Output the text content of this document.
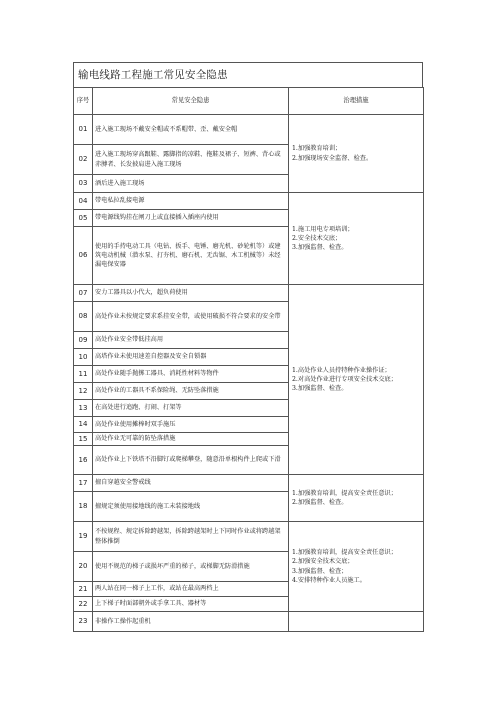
输电线路工程施工常见安全隐患
序号	常见安全隐患	治理措施
01	进入施工现场不戴安全帽或不系帽带、歪、戴安全帽	1.加强教育培训；
2.加强现场安全监督、检查。

02	进入施工现场穿高跟鞋、露脚指的凉鞋、拖鞋及裙子、短裤、背心或赤膊者、长发披肩进入施工现场	
03	酒后进入施工现场	
04	带电私拉乱接电源	1.施工用电专项培训；
2.安全技术交底；
3.加强监督、检查。

05	带电源线钩挂在闸刀上或直接插入插座内使用	
06	使用的手持电动工具（电钻、扳手、电锤、磨光机、砂轮机等）或建筑电动机械（潜水泵、打夯机、磨石机、无齿锯、木工机械等）未经漏电保安器	
07	安力工器具以小代大，超负荷使用	1.高处作业人员持特种作业操作证；
2.对高处作业进行专项安全技术交底；
3.加强监督、检查。

08	高处作业未按规定要求系挂安全带，或使用破损不符合要求的安全带	
09	高处作业安全带低挂高用	
10	高塔作业未使用速差自控器及安全自锁器	
11	高处作业随手抛掷工器具、消耗性材料等物件	
12	高处作业的工器具不系保险绳、无防坠落措施	
13	在高处进行追跑、打闹、打架等	
14	高处作业使用摊棒时双手施压	
15	高处作业无可靠的防坠落措施	
16	高处作业上下铁塔不沿脚钉或爬梯攀登，随意沿单根构件上爬或下滑	
17	擅自穿越安全警戒线	1.加强教育培训，提高安全责任意识；
2.加强监督、检查。

18	擅规定须使用接地线的施工未装接地线	
19	不按规程、规定拆除跨越架，拆除跨越架时上下同时作业或将跨越架整体推倒	1.加强教育培训，提高安全责任意识；
2.加强安全技术交底；
3.加强监督、检查；
4.安排特种作业人员施工。

20	使用不规范的梯子或损坏严重的梯子，或梯脚无防滑措施	
21	两人站在同一梯子上工作，或站在最高两档上	
22	上下梯子时面部朝外或手拿工具、器材等	
23	非操作工操作起重机	
